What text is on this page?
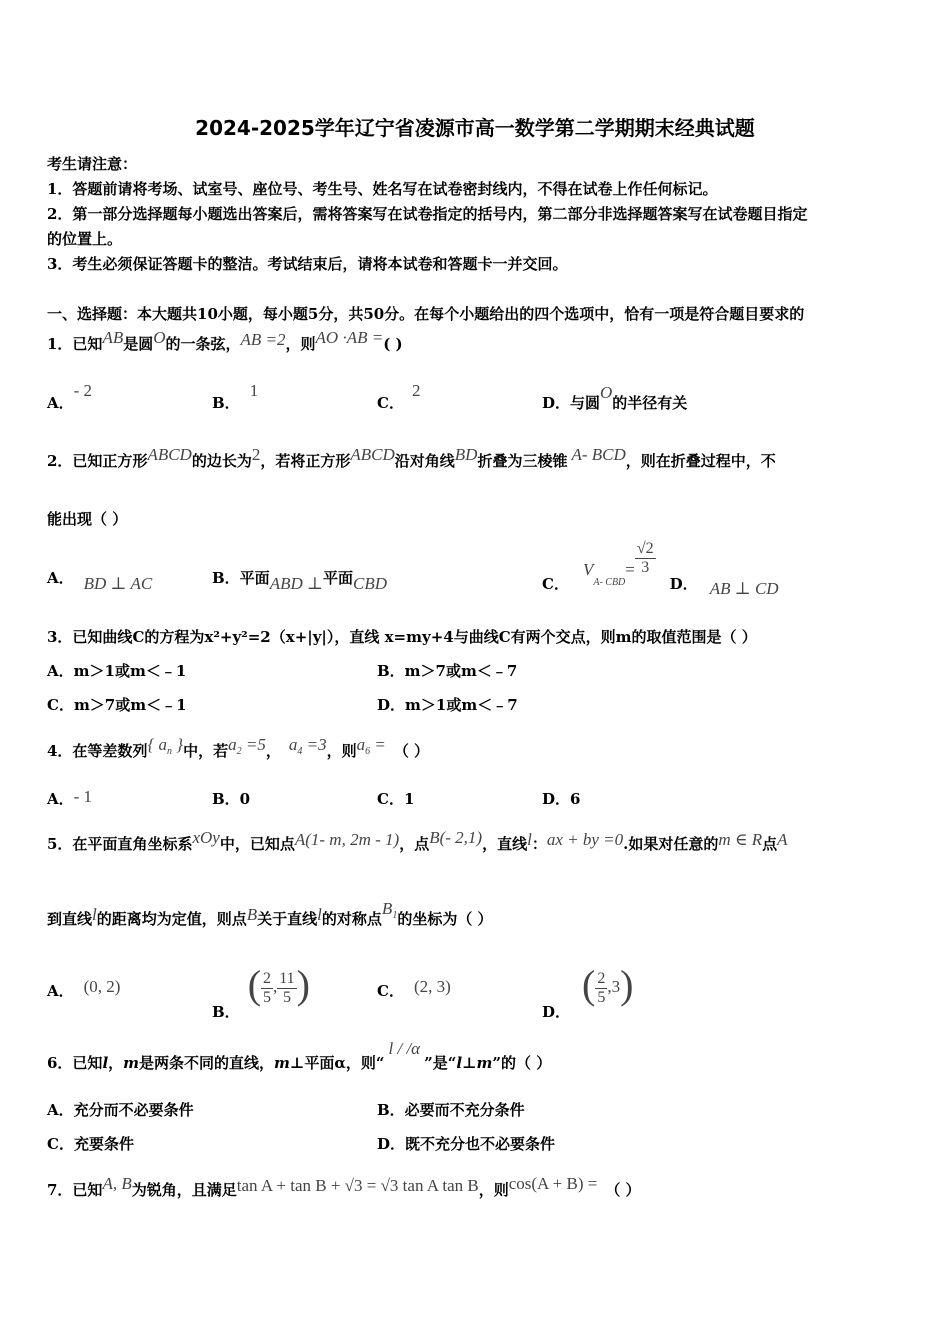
2024-2025学年辽宁省凌源市高一数学第二学期期末经典试题
考生请注意：
1．答题前请将考场、试室号、座位号、考生号、姓名写在试卷密封线内，不得在试卷上作任何标记。
2．第一部分选择题每小题选出答案后，需将答案写在试卷指定的括号内，第二部分非选择题答案写在试卷题目指定
的位置上。
3．考生必须保证答题卡的整洁。考试结束后，请将本试卷和答题卡一并交回。
一、选择题：本大题共10小题，每小题5分，共50分。在每个小题给出的四个选项中，恰有一项是符合题目要求的
1．已知AB是圆O的一条弦，AB =2，则AO ·AB =( )
A．- 2
B．1
C．2
D．与圆O的半径有关
2．已知正方形ABCD的边长为2，若将正方形ABCD沿对角线BD折叠为三棱锥 A- BCD，则在折叠过程中，不
能出现（ ）
A． BD ⊥ AC	B．平面ABD ⊥平面CBD	C．$V_{A- CBD}= \frac{√2}{3}$
D． AB ⊥ CD
3．已知曲线C的方程为x²+y²=2（x+|y|），直线 x=my+4与曲线C有两个交点，则m的取值范围是（ ）
A．m＞1或m＜﹣1	B．m＞7或m＜﹣7
C．m＞7或m＜﹣1	D．m＞1或m＜﹣7
4．在等差数列{ $a_n$ }中，若$a_2 =5$， $a_4 =3$，则$a_6$ = （ ）
A．- 1	B．0	C．1	D．6
5．在平面直角坐标系xOy中，已知点A(1- m, 2m - 1)，点B(- 2,1)，直线l：ax + by =0.如果对任意的m ∈ R点A
到直线l的距离均为定值，则点B关于直线l的对称点$B_1$的坐标为（ ）
A． (0, 2)
B．( $\frac{2}{5}$ , $\frac{11}{5}$ )	C． (2, 3)
D．( $\frac{2}{5} ,3$)
6．已知l，m是两条不同的直线，m⊥平面α，则“l / /α”是“l⊥m”的（ ）
A．充分而不必要条件	B．必要而不充分条件
C．充要条件	D．既不充分也不必要条件
7．已知A, B为锐角，且满足tan A + tan B + √3 = √3 tan A tan B，则cos(A + B) = （ ）
